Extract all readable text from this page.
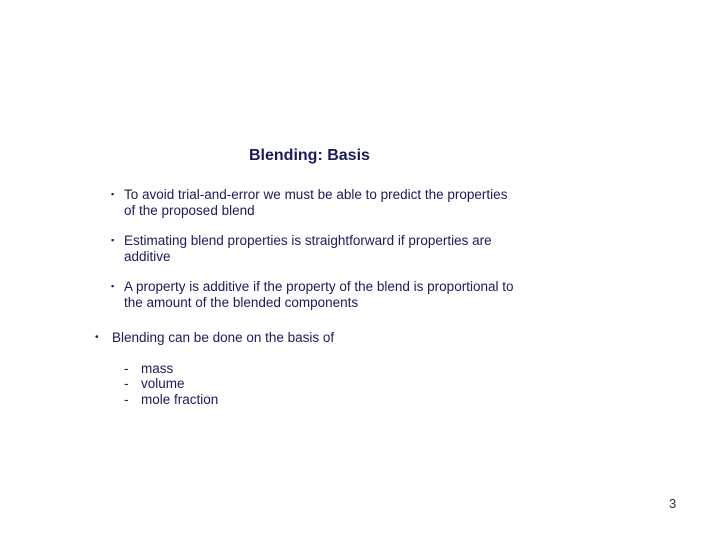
Blending: Basis
▪ To avoid trial-and-error we must be able to predict the properties
of the proposed blend
▪ Estimating blend properties is straightforward if properties are
additive
▪ A property is additive if the property of the blend is proportional to
the amount of the blended components
• Blending can be done on the basis of
- mass
- volume
- mole fraction
3
